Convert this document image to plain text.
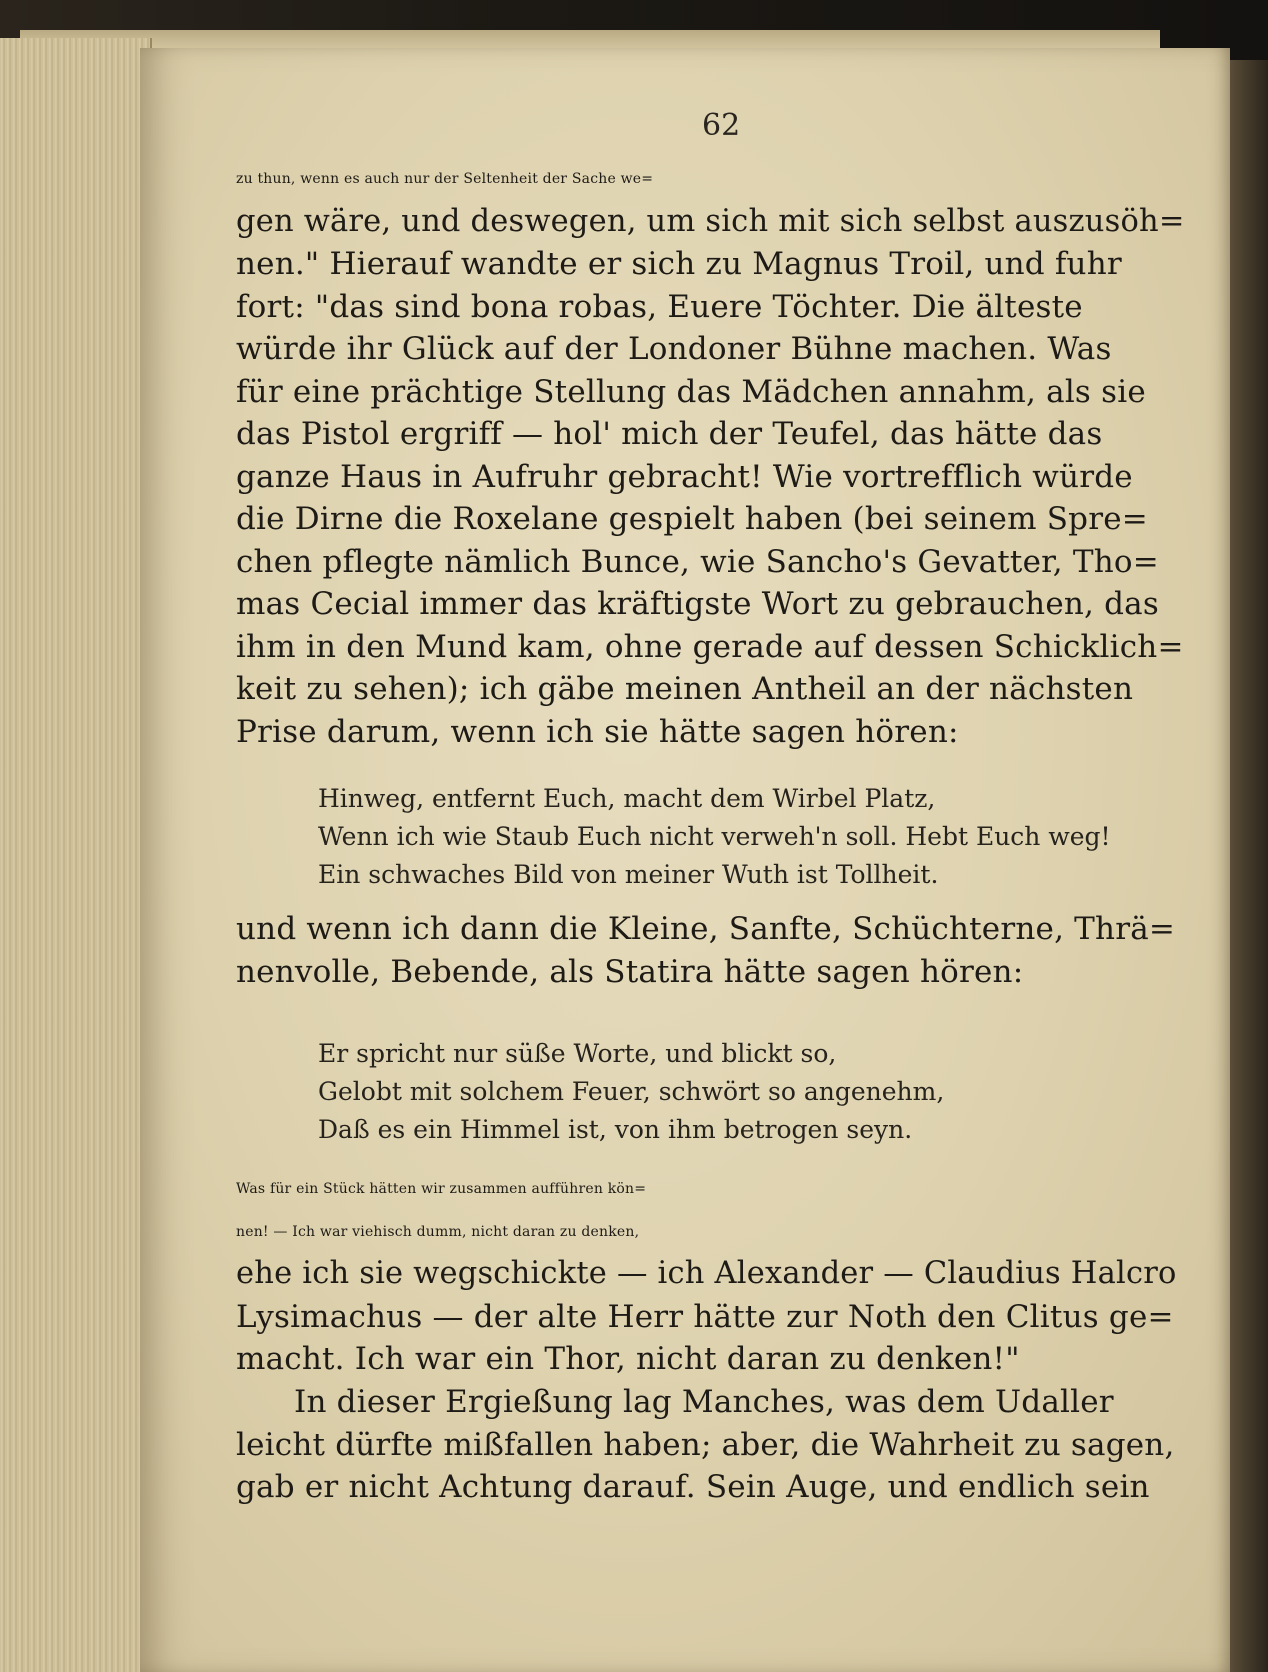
62
zu thun, wenn es auch nur der Seltenheit der Sache we=
gen wäre, und deswegen, um sich mit sich selbst auszusöh=
nen." Hierauf wandte er sich zu Magnus Troil, und fuhr
fort: "das sind bona robas, Euere Töchter. Die älteste
würde ihr Glück auf der Londoner Bühne machen. Was
für eine prächtige Stellung das Mädchen annahm, als sie
das Pistol ergriff — hol' mich der Teufel, das hätte das
ganze Haus in Aufruhr gebracht! Wie vortrefflich würde
die Dirne die Roxelane gespielt haben (bei seinem Spre=
chen pflegte nämlich Bunce, wie Sancho's Gevatter, Tho=
mas Cecial immer das kräftigste Wort zu gebrauchen, das
ihm in den Mund kam, ohne gerade auf dessen Schicklich=
keit zu sehen); ich gäbe meinen Antheil an der nächsten
Prise darum, wenn ich sie hätte sagen hören:
Hinweg, entfernt Euch, macht dem Wirbel Platz,
Wenn ich wie Staub Euch nicht verweh'n soll. Hebt Euch weg!
Ein schwaches Bild von meiner Wuth ist Tollheit.
und wenn ich dann die Kleine, Sanfte, Schüchterne, Thrä=
nenvolle, Bebende, als Statira hätte sagen hören:
Er spricht nur süße Worte, und blickt so,
Gelobt mit solchem Feuer, schwört so angenehm,
Daß es ein Himmel ist, von ihm betrogen seyn.
Was für ein Stück hätten wir zusammen aufführen kön=
nen! — Ich war viehisch dumm, nicht daran zu denken,
ehe ich sie wegschickte — ich Alexander — Claudius Halcro
Lysimachus — der alte Herr hätte zur Noth den Clitus ge=
macht. Ich war ein Thor, nicht daran zu denken!"
In dieser Ergießung lag Manches, was dem Udaller
leicht dürfte mißfallen haben; aber, die Wahrheit zu sagen,
gab er nicht Achtung darauf. Sein Auge, und endlich sein
